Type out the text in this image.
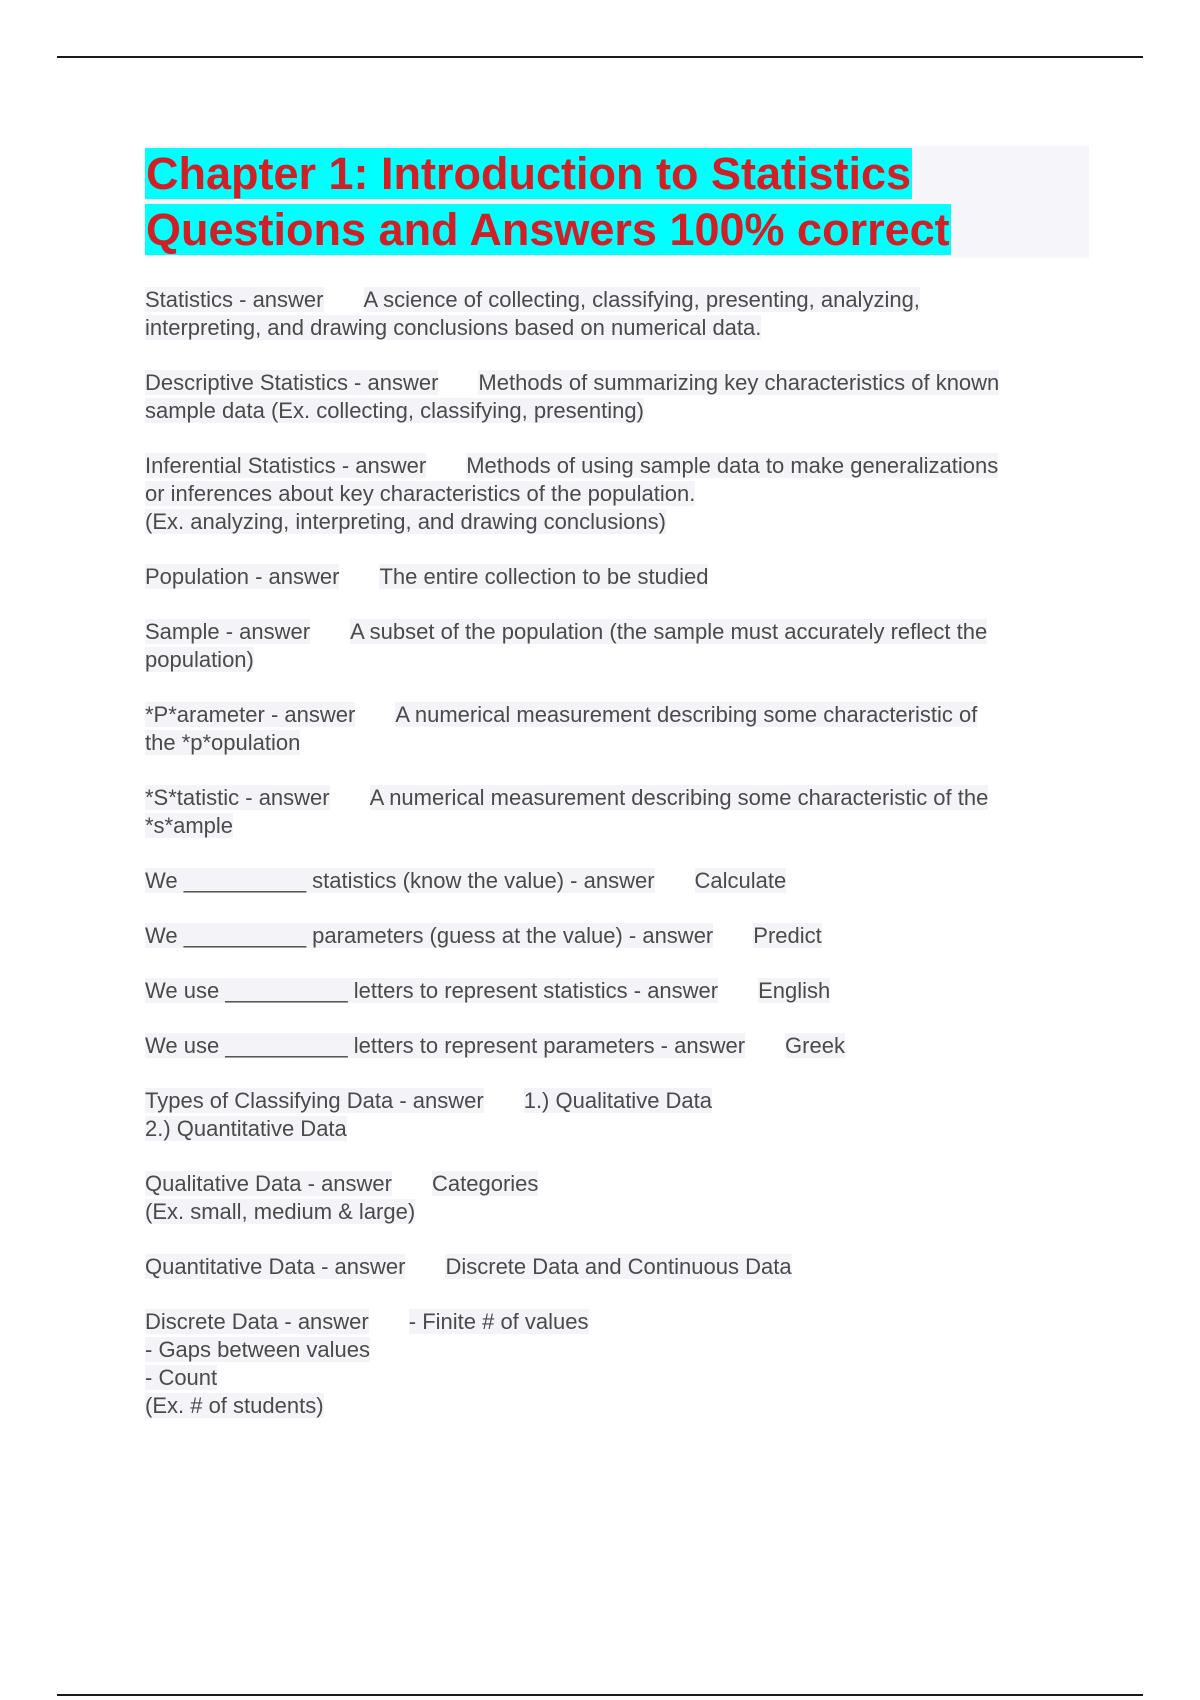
Chapter 1: Introduction to Statistics
Questions and Answers 100% correct
Statistics - answer A science of collecting, classifying, presenting, analyzing,
interpreting, and drawing conclusions based on numerical data.
Descriptive Statistics - answer Methods of summarizing key characteristics of known
sample data (Ex. collecting, classifying, presenting)
Inferential Statistics - answer Methods of using sample data to make generalizations
or inferences about key characteristics of the population.
(Ex. analyzing, interpreting, and drawing conclusions)
Population - answer The entire collection to be studied
Sample - answer A subset of the population (the sample must accurately reflect the
population)
*P*arameter - answer A numerical measurement describing some characteristic of
the *p*opulation
*S*tatistic - answer A numerical measurement describing some characteristic of the
*s*ample
We __________ statistics (know the value) - answer Calculate
We __________ parameters (guess at the value) - answer Predict
We use __________ letters to represent statistics - answer English
We use __________ letters to represent parameters - answer Greek
Types of Classifying Data - answer 1.) Qualitative Data
2.) Quantitative Data
Qualitative Data - answer Categories
(Ex. small, medium & large)
Quantitative Data - answer Discrete Data and Continuous Data
Discrete Data - answer - Finite # of values
- Gaps between values
- Count
(Ex. # of students)
